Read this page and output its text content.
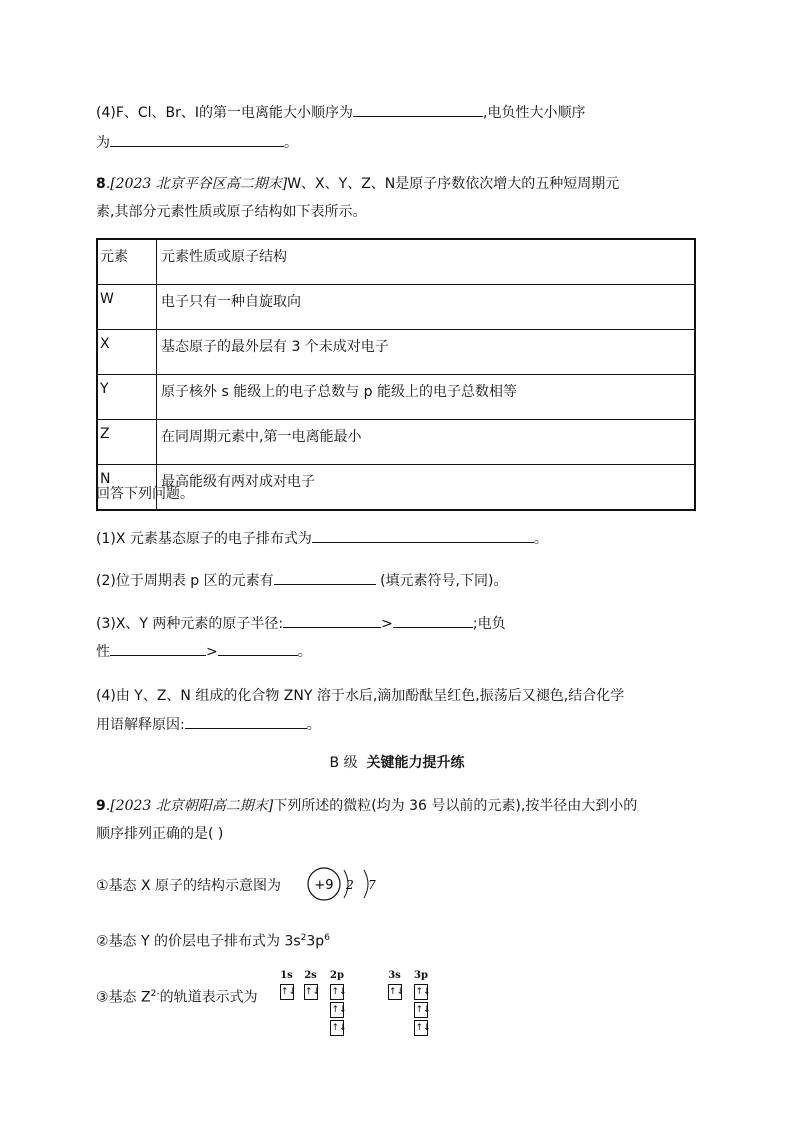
(4)F、Cl、Br、I的第一电离能大小顺序为	,电负性大小顺序
为	。
8.[2023 北京平谷区高二期末]W、X、Y、Z、N是原子序数依次增大的五种短周期元
素,其部分元素性质或原子结构如下表所示。
元素	元素性质或原子结构
W	电子只有一种自旋取向
X	基态原子的最外层有 3 个未成对电子
Y	原子核外 s 能级上的电子总数与 p 能级上的电子总数相等
Z	在同周期元素中,第一电离能最小
N	最高能级有两对成对电子
回答下列问题。
(1)X 元素基态原子的电子排布式为	。
(2)位于周期表 p 区的元素有	(填元素符号,下同)。
(3)X、Y 两种元素的原子半径:	>	;电负
性	>	。
(4)由 Y、Z、N 组成的化合物 ZNY 溶于水后,滴加酚酞呈红色,振荡后又褪色,结合化学
用语解释原因:	。
B 级 关键能力提升练
9.[2023 北京朝阳高二期末]下列所述的微粒(均为 36 号以前的元素),按半径由大到小的
顺序排列正确的是( )
①基态 X 原子的结构示意图为	+9 2 7
②基态 Y 的价层电子排布式为 $3s^23p^6$
③基态 $Z^{2-}$的轨道表示式为
1s
↑↓
2s
↑↓
2p
↑↓↑↓↑↓
3s
↑↓
3p
↑↓↑↓↑↓
